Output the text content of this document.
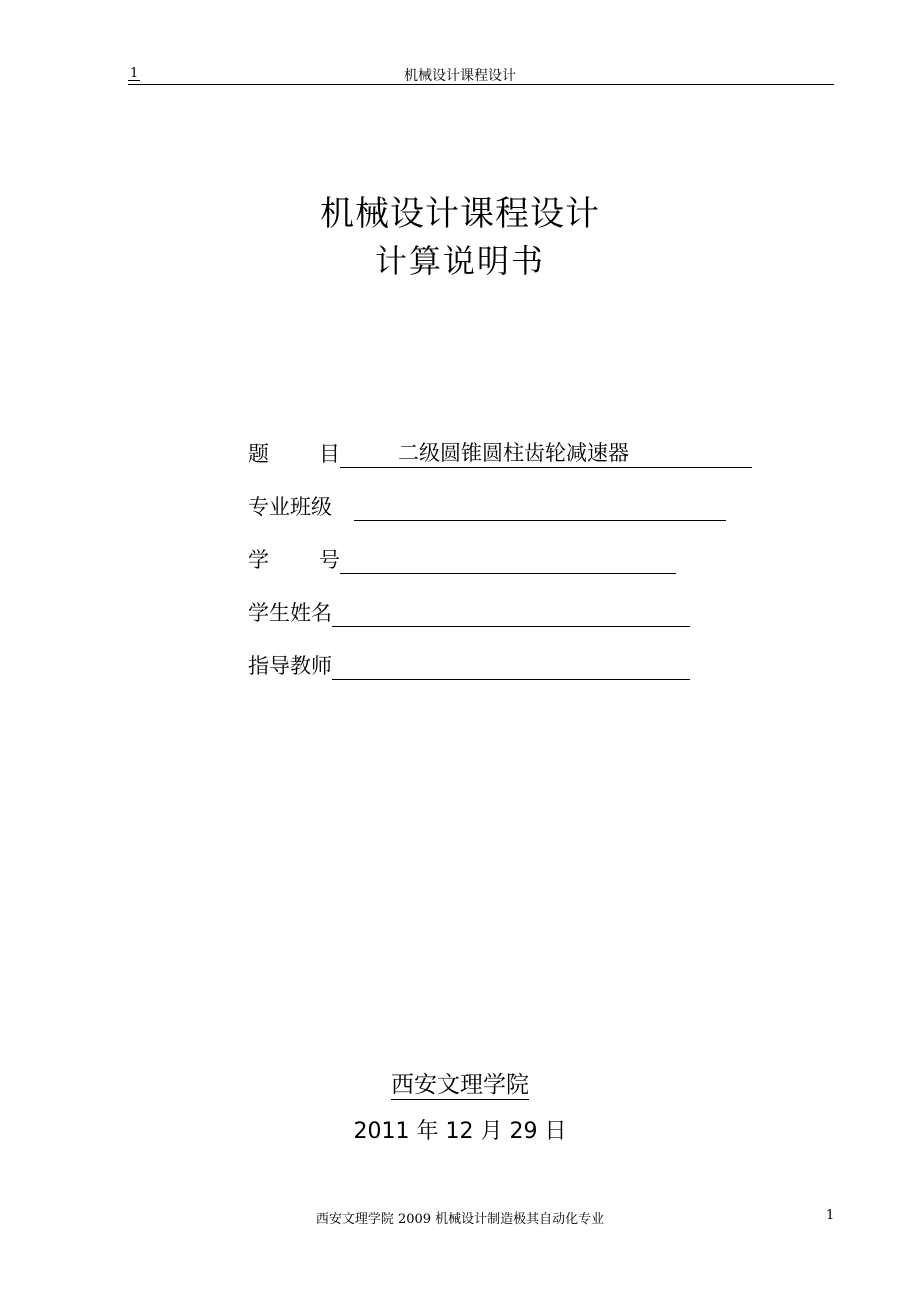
1	机械设计课程设计
机械设计课程设计
计算说明书
题 目	二级圆锥圆柱齿轮减速器
专业班级
学 号
学生姓名
指导教师
西安文理学院
2011 年 12 月 29 日
西安文理学院 2009 机械设计制造极其自动化专业	1
